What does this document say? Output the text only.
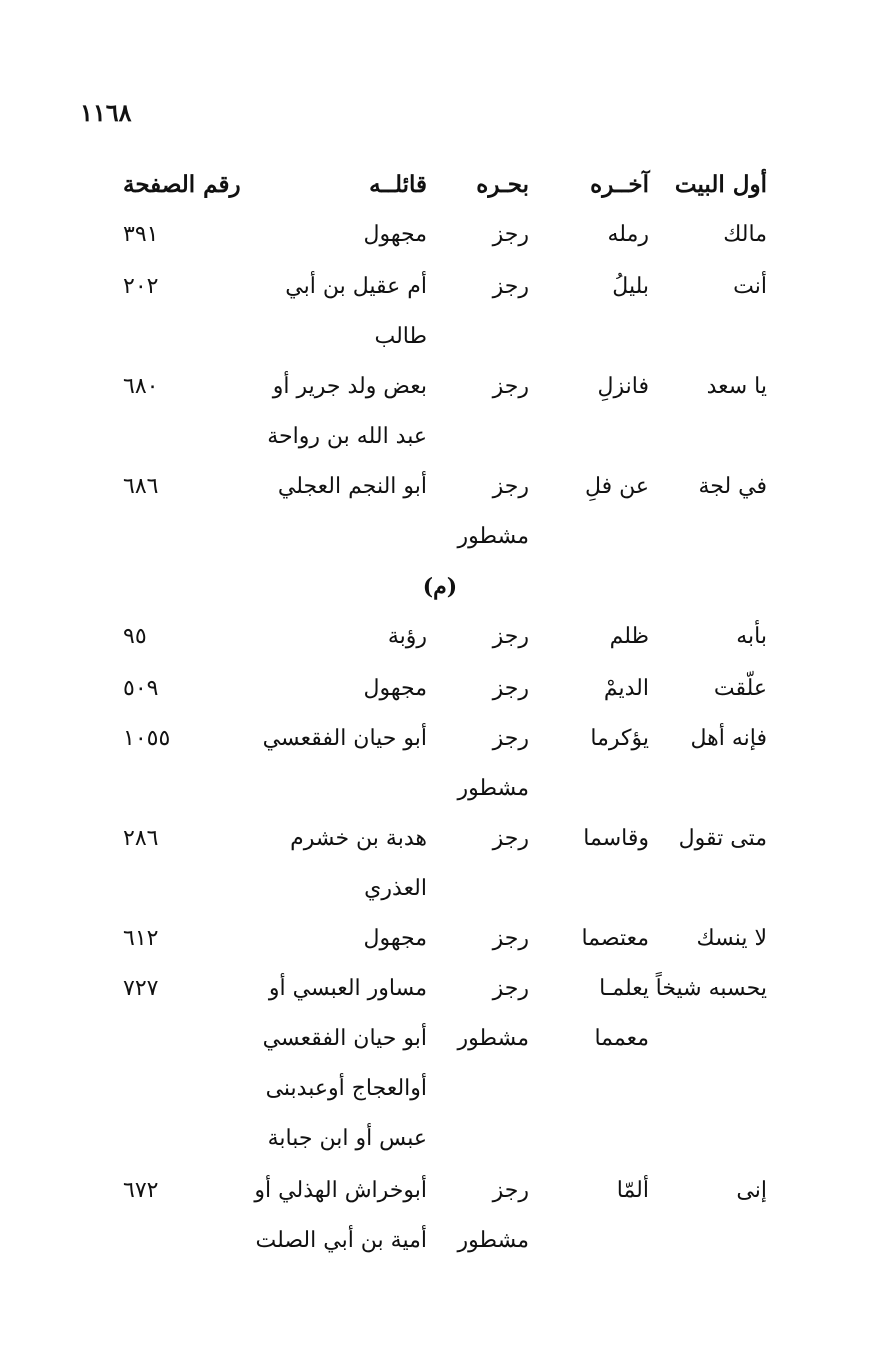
١١٦٨
أول البيت
آخــره
بحـره
قائلــه
رقم الصفحة
مالك
رمله
رجز
مجهول
٣٩١
أنت
بليلُ
رجز
أم عقيل بن أبي طالب
٢٠٢
يا سعد
فانزلِ
رجز
بعض ولد جرير أو عبد الله بن رواحة
٦٨٠
في لجة
عن فلِ
رجز مشطور
أبو النجم العجلي
٦٨٦
(م)
بأبه
ظلم
رجز
رؤبة
٩٥
علّقت
الديمْ
رجز
مجهول
٥٠٩
فإنه أهل
يؤكرما
رجز مشطور
أبو حيان الفقعسي
١٠٥٥
متى تقول
وقاسما
رجز
هدبة بن خشرم العذري
٢٨٦
لا ينسك
معتصما
رجز
مجهول
٦١٢
يحسبه شيخاً
يعلمـا معمما
رجز مشطور
مساور العبسي أو أبو حيان الفقعسي أوالعجاج أوعبدبنى عبس أو ابن جبابة
٧٢٧
إنى
ألمّا
رجز مشطور
أبوخراش الهذلي أو أمية بن أبي الصلت
٦٧٢
